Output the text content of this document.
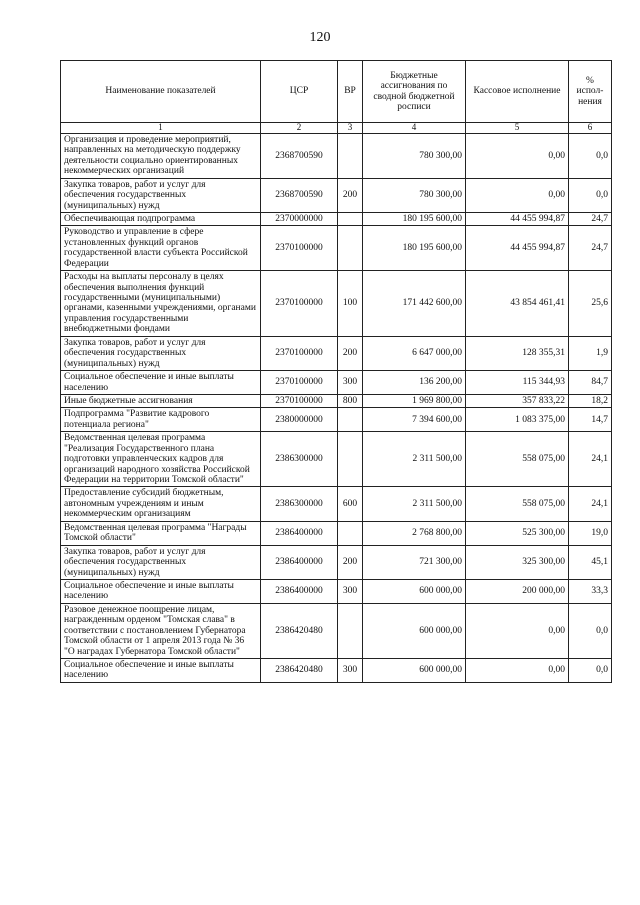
120
Наименование показателей	ЦСР	ВР	Бюджетные ассигнования по сводной бюджетной росписи	Кассовое исполнение	% испол-нения
1	2	3	4	5	6
Организация и проведение мероприятий, направленных на методическую поддержку деятельности социально ориентированных некоммерческих организаций	2368700590		780 300,00	0,00	0,0
Закупка товаров, работ и услуг для обеспечения государственных (муниципальных) нужд	2368700590	200	780 300,00	0,00	0,0
Обеспечивающая подпрограмма	2370000000		180 195 600,00	44 455 994,87	24,7
Руководство и управление в сфере установленных функций органов государственной власти субъекта Российской Федерации	2370100000		180 195 600,00	44 455 994,87	24,7
Расходы на выплаты персоналу в целях обеспечения выполнения функций государственными (муниципальными) органами, казенными учреждениями, органами управления государственными внебюджетными фондами	2370100000	100	171 442 600,00	43 854 461,41	25,6
Закупка товаров, работ и услуг для обеспечения государственных (муниципальных) нужд	2370100000	200	6 647 000,00	128 355,31	1,9
Социальное обеспечение и иные выплаты населению	2370100000	300	136 200,00	115 344,93	84,7
Иные бюджетные ассигнования	2370100000	800	1 969 800,00	357 833,22	18,2
Подпрограмма "Развитие кадрового потенциала региона"	2380000000		7 394 600,00	1 083 375,00	14,7
Ведомственная целевая программа "Реализация Государственного плана подготовки управленческих кадров для организаций народного хозяйства Российской Федерации на территории Томской области"	2386300000		2 311 500,00	558 075,00	24,1
Предоставление субсидий бюджетным, автономным учреждениям и иным некоммерческим организациям	2386300000	600	2 311 500,00	558 075,00	24,1
Ведомственная целевая программа "Награды Томской области"	2386400000		2 768 800,00	525 300,00	19,0
Закупка товаров, работ и услуг для обеспечения государственных (муниципальных) нужд	2386400000	200	721 300,00	325 300,00	45,1
Социальное обеспечение и иные выплаты населению	2386400000	300	600 000,00	200 000,00	33,3
Разовое денежное поощрение лицам, награжденным орденом "Томская слава" в соответствии с постановлением Губернатора Томской области от 1 апреля 2013 года № 36 "О наградах Губернатора Томской области"	2386420480		600 000,00	0,00	0,0
Социальное обеспечение и иные выплаты населению	2386420480	300	600 000,00	0,00	0,0
